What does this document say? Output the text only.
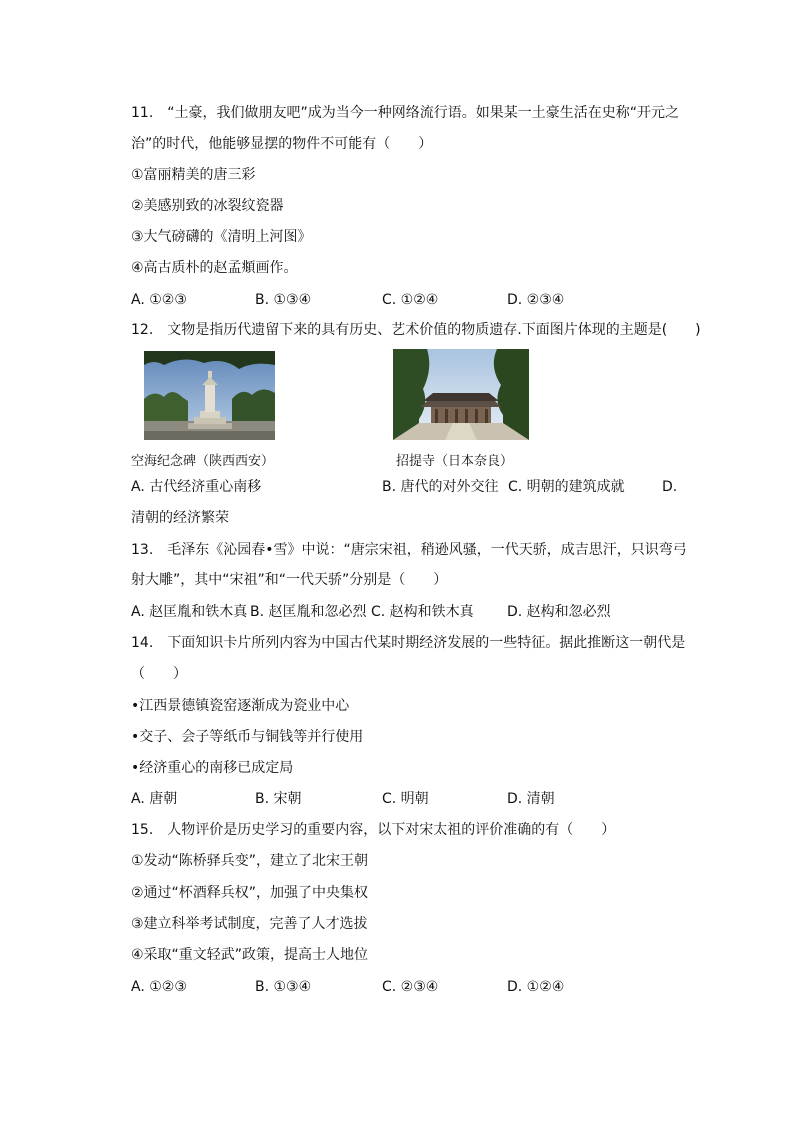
11.　“土豪，我们做朋友吧”成为当今一种网络流行语。如果某一土豪生活在史称“开元之
治”的时代，他能够显摆的物件不可能有（　　）
①富丽精美的唐三彩
②美感别致的冰裂纹瓷器
③大气磅礴的《清明上河图》
④高古质朴的赵孟頫画作。
A. ①②③	B. ①③④	C. ①②④	D. ②③④
12.　文物是指历代遗留下来的具有历史、艺术价值的物质遗存.下面图片体现的主题是(　　)
空海纪念碑（陕西西安）	招提寺（日本奈良）
A. 古代经济重心南移	B. 唐代的对外交往 C. 明朝的建筑成就	D.
清朝的经济繁荣
13.　毛泽东《沁园春•雪》中说：“唐宗宋祖，稍逊风骚，一代天骄，成吉思汗，只识弯弓
射大雕”，其中“宋祖”和“一代天骄”分别是（　　）
A. 赵匡胤和铁木真 B. 赵匡胤和忽必烈 C. 赵构和铁木真 D. 赵构和忽必烈
14.　下面知识卡片所列内容为中国古代某时期经济发展的一些特征。据此推断这一朝代是
（　　）
•江西景德镇瓷窑逐渐成为瓷业中心
•交子、会子等纸币与铜钱等并行使用
•经济重心的南移已成定局
A. 唐朝	B. 宋朝	C. 明朝	D. 清朝
15.　人物评价是历史学习的重要内容，以下对宋太祖的评价准确的有（　　）
①发动“陈桥驿兵变”，建立了北宋王朝
②通过“杯酒释兵权”，加强了中央集权
③建立科举考试制度，完善了人才选拔
④采取“重文轻武”政策，提高士人地位
A. ①②③	B. ①③④	C. ②③④	D. ①②④
